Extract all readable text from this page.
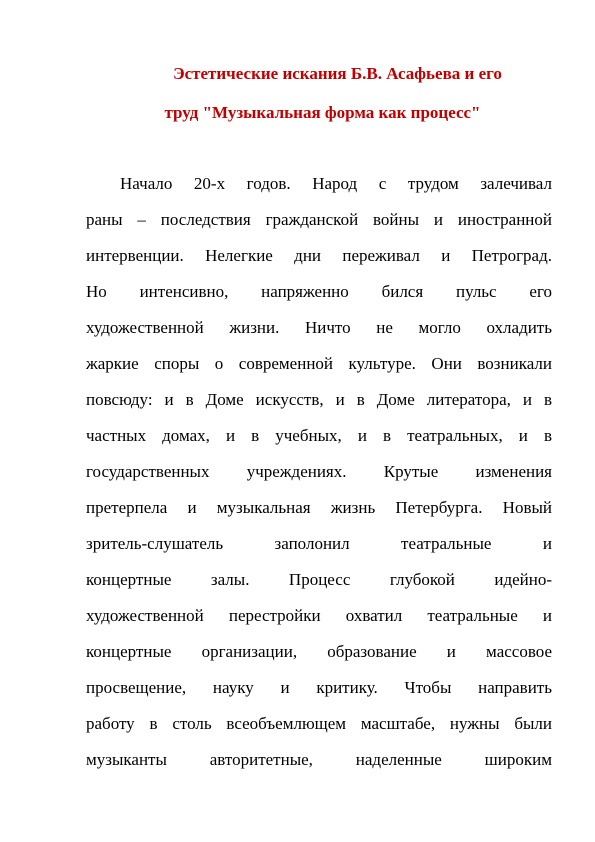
Эстетические искания Б.В. Асафьева и его
труд "Музыкальная форма как процесс"
Начало 20-х годов. Народ с трудом залечивал
раны – последствия гражданской войны и иностранной
интервенции. Нелегкие дни переживал и Петроград.
Но интенсивно, напряженно бился пульс его
художественной жизни. Ничто не могло охладить
жаркие споры о современной культуре. Они возникали
повсюду: и в Доме искусств, и в Доме литератора, и в
частных домах, и в учебных, и в театральных, и в
государственных учреждениях. Крутые изменения
претерпела и музыкальная жизнь Петербурга. Новый
зритель-слушатель заполонил театральные и
концертные залы. Процесс глубокой идейно-
художественной перестройки охватил театральные и
концертные организации, образование и массовое
просвещение, науку и критику. Чтобы направить
работу в столь всеобъемлющем масштабе, нужны были
музыканты авторитетные, наделенные широким
